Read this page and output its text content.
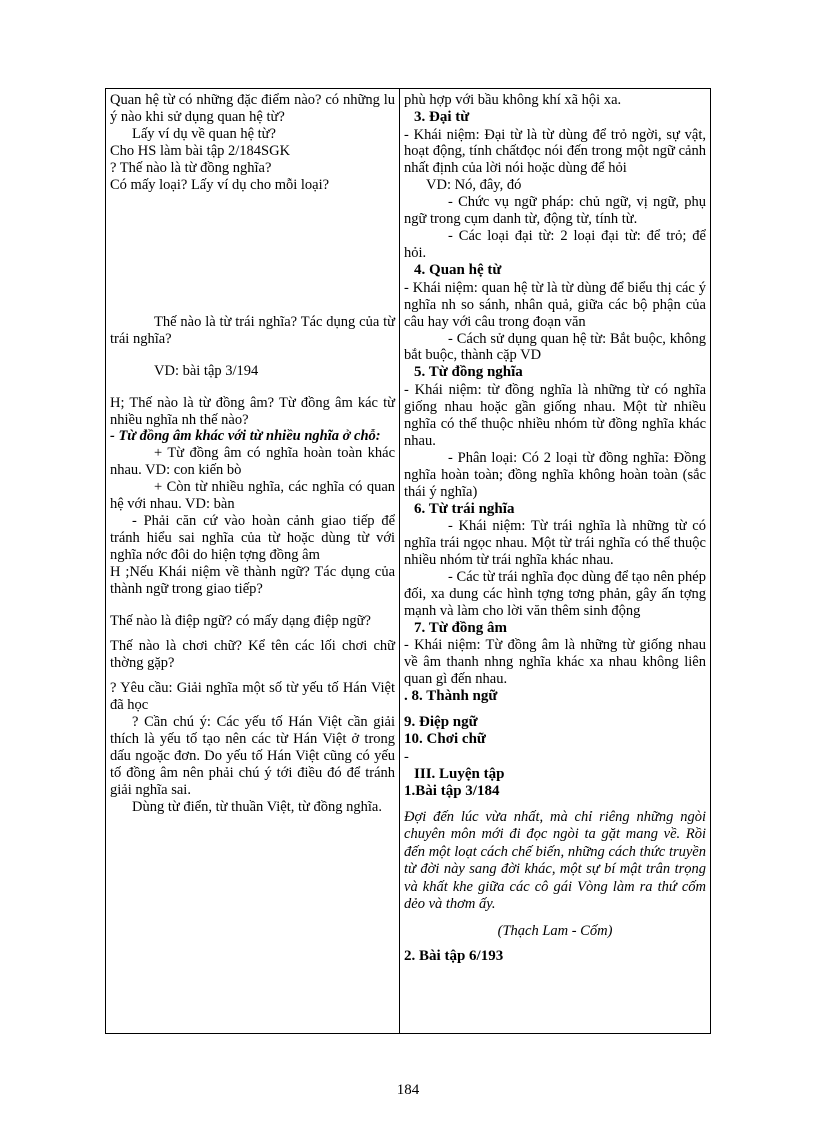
Quan hệ từ có những đặc điểm nào? có những lu ý nào khi sử dụng quan hệ từ?

Lấy ví dụ về quan hệ từ?

Cho HS làm bài tập 2/184SGK

? Thế nào là từ đồng nghĩa?

Có mấy loại? Lấy ví dụ cho mỗi loại?

Thế nào là từ trái nghĩa? Tác dụng của từ trái nghĩa?

VD: bài tập 3/194

H; Thế nào là từ đồng âm? Từ đồng âm kác từ nhiều nghĩa nh thế nào?

- Từ đồng âm khác với từ nhiều nghĩa ở chỗ:

+ Từ đồng âm có nghĩa hoàn toàn khác nhau. VD: con kiến bò

+ Còn từ nhiều nghĩa, các nghĩa có quan hệ với nhau. VD: bàn

- Phải căn cứ vào hoàn cảnh giao tiếp để tránh hiểu sai nghĩa của từ hoặc dùng từ với nghĩa nớc đôi do hiện tợng đồng âm

H ;Nếu Khái niệm về thành ngữ? Tác dụng của thành ngữ trong giao tiếp?

Thế nào là điệp ngữ? có mấy dạng điệp ngữ?

Thế nào là chơi chữ? Kể tên các lối chơi chữ thờng gặp?

? Yêu cầu: Giải nghĩa một số từ yếu tố Hán Việt đã học

? Cần chú ý: Các yếu tố Hán Việt cần giải thích là yếu tố tạo nên các từ Hán Việt ở trong dấu ngoặc đơn. Do yếu tố Hán Việt cũng có yếu tố đồng âm nên phải chú ý tới điều đó để tránh giải nghĩa sai.

Dùng từ điển, từ thuần Việt, từ đồng nghĩa.

phù hợp với bầu không khí xã hội xa.

3. Đại từ

- Khái niệm: Đại từ là từ dùng để trỏ ngời, sự vật, hoạt động, tính chấtđọc nói đến trong một ngữ cảnh nhất định của lời nói hoặc dùng để hỏi

VD: Nó, đây, đó

- Chức vụ ngữ pháp: chủ ngữ, vị ngữ, phụ ngữ trong cụm danh từ, động từ, tính từ.

- Các loại đại từ: 2 loại đại từ: để trỏ; để hỏi.

4. Quan hệ từ

- Khái niệm: quan hệ từ là từ dùng để biểu thị các ý nghĩa nh so sánh, nhân quả, giữa các bộ phận của câu hay với câu trong đoạn văn

- Cách sử dụng quan hệ từ: Bắt buộc, không bắt buộc, thành cặp VD

5. Từ đồng nghĩa

- Khái niệm: từ đồng nghĩa là những từ có nghĩa giống nhau hoặc gần giống nhau. Một từ nhiều nghĩa có thể thuộc nhiều nhóm từ đồng nghĩa khác nhau.

- Phân loại: Có 2 loại từ đồng nghĩa: Đồng nghĩa hoàn toàn; đồng nghĩa không hoàn toàn (sắc thái ý nghĩa)

6. Từ trái nghĩa

- Khái niệm: Từ trái nghĩa là những từ có nghĩa trái ngọc nhau. Một từ trái nghĩa có thể thuộc nhiều nhóm từ trái nghĩa khác nhau.

- Các từ trái nghĩa đọc dùng để tạo nên phép đối, xa dung các hình tợng tơng phản, gây ấn tợng mạnh và làm cho lời văn thêm sinh động

7. Từ đồng âm

- Khái niệm: Từ đồng âm là những từ giống nhau về âm thanh nhng nghĩa khác xa nhau không liên quan gì đến nhau.

. 8. Thành ngữ

9. Điệp ngữ

10. Chơi chữ

-

III. Luyện tập

1.Bài tập 3/184

Đợi đến lúc vừa nhất, mà chỉ riêng những ngòi chuyên môn mới đi đọc ngòi ta gặt mang về. Rồi đến một loạt cách chế biến, những cách thức truyền từ đời này sang đời khác, một sự bí mật trân trọng và khất khe giữa các cô gái Vòng làm ra thứ cốm dẻo và thơm ấy.

(Thạch Lam - Cốm)

2. Bài tập 6/193

184
